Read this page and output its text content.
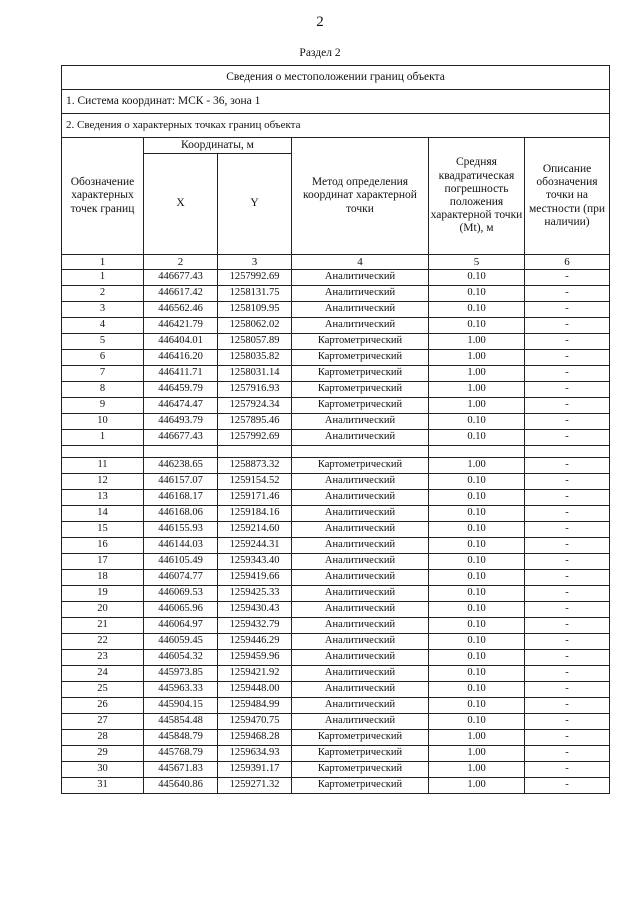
2
Раздел 2
Сведения о местоположении границ объекта					
1. Система координат: МСК - 36, зона 1					
2. Сведения о характерных точках границ объекта					
Обозначение характерных точек границ	Координаты, м		Метод определения координат характерной точки	Средняя квадратическая погрешность положения характерной точки (Mt), м	Описание обозначения точки на местности (при наличии)
	X	Y			
1	2	3	4	5	6
1	446677.43	1257992.69	Аналитический	0.10	-
2	446617.42	1258131.75	Аналитический	0.10	-
3	446562.46	1258109.95	Аналитический	0.10	-
4	446421.79	1258062.02	Аналитический	0.10	-
5	446404.01	1258057.89	Картометрический	1.00	-
6	446416.20	1258035.82	Картометрический	1.00	-
7	446411.71	1258031.14	Картометрический	1.00	-
8	446459.79	1257916.93	Картометрический	1.00	-
9	446474.47	1257924.34	Картометрический	1.00	-
10	446493.79	1257895.46	Аналитический	0.10	-
1	446677.43	1257992.69	Аналитический	0.10	-

11	446238.65	1258873.32	Картометрический	1.00	-
12	446157.07	1259154.52	Аналитический	0.10	-
13	446168.17	1259171.46	Аналитический	0.10	-
14	446168.06	1259184.16	Аналитический	0.10	-
15	446155.93	1259214.60	Аналитический	0.10	-
16	446144.03	1259244.31	Аналитический	0.10	-
17	446105.49	1259343.40	Аналитический	0.10	-
18	446074.77	1259419.66	Аналитический	0.10	-
19	446069.53	1259425.33	Аналитический	0.10	-
20	446065.96	1259430.43	Аналитический	0.10	-
21	446064.97	1259432.79	Аналитический	0.10	-
22	446059.45	1259446.29	Аналитический	0.10	-
23	446054.32	1259459.96	Аналитический	0.10	-
24	445973.85	1259421.92	Аналитический	0.10	-
25	445963.33	1259448.00	Аналитический	0.10	-
26	445904.15	1259484.99	Аналитический	0.10	-
27	445854.48	1259470.75	Аналитический	0.10	-
28	445848.79	1259468.28	Картометрический	1.00	-
29	445768.79	1259634.93	Картометрический	1.00	-
30	445671.83	1259391.17	Картометрический	1.00	-
31	445640.86	1259271.32	Картометрический	1.00	-
